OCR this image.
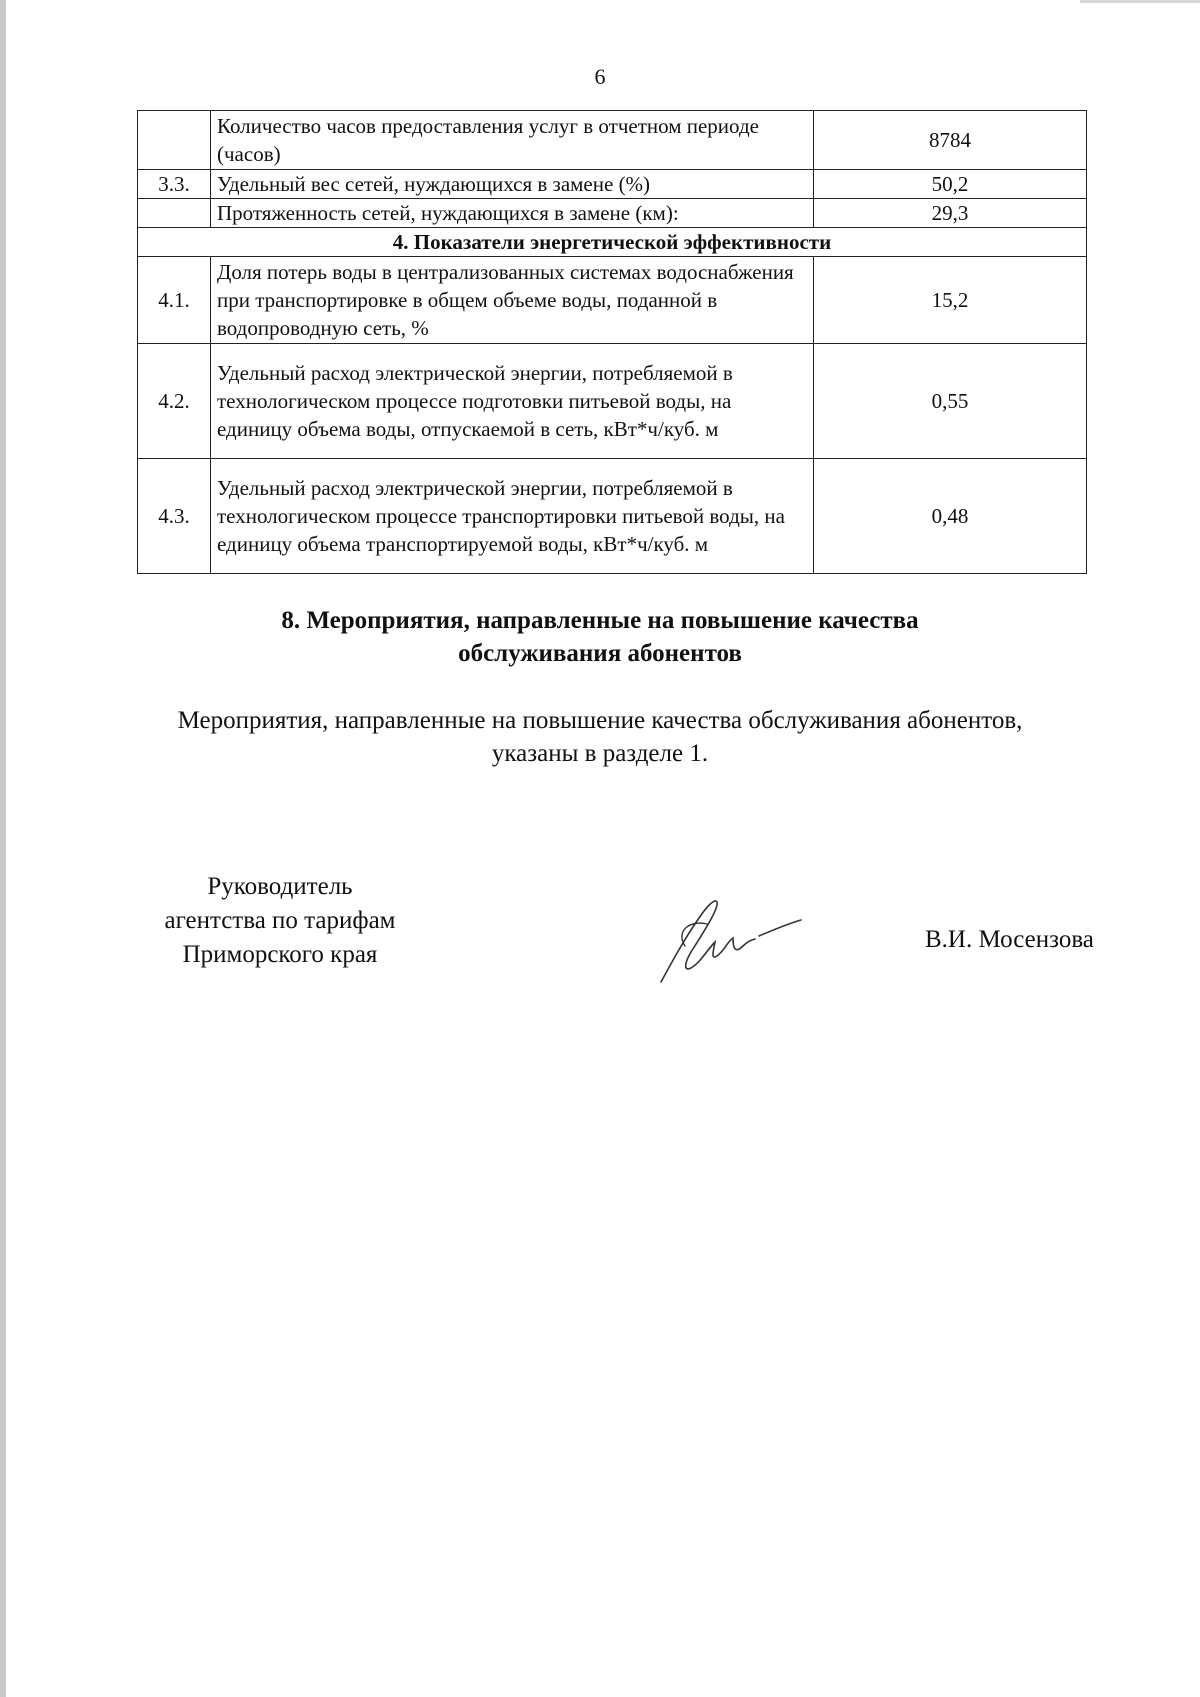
6
	Количество часов предоставления услуг в отчетном периоде (часов)	8784
3.3.	Удельный вес сетей, нуждающихся в замене (%)	50,2
	Протяженность сетей, нуждающихся в замене (км):	29,3
4. Показатели энергетической эффективности		
4.1.	Доля потерь воды в централизованных системах водоснабжения при транспортировке в общем объеме воды, поданной в водопроводную сеть, %	15,2
4.2.	Удельный расход электрической энергии, потребляемой в технологическом процессе подготовки питьевой воды, на единицу объема воды, отпускаемой в сеть, кВт*ч/куб. м	0,55
4.3.	Удельный расход электрической энергии, потребляемой в технологическом процессе транспортировки питьевой воды, на единицу объема транспортируемой воды, кВт*ч/куб. м	0,48
8. Мероприятия, направленные на повышение качества
обслуживания абонентов
Мероприятия, направленные на повышение качества обслуживания абонентов,
указаны в разделе 1.
Руководитель
агентства по тарифам
Приморского края
В.И. Мосензова
